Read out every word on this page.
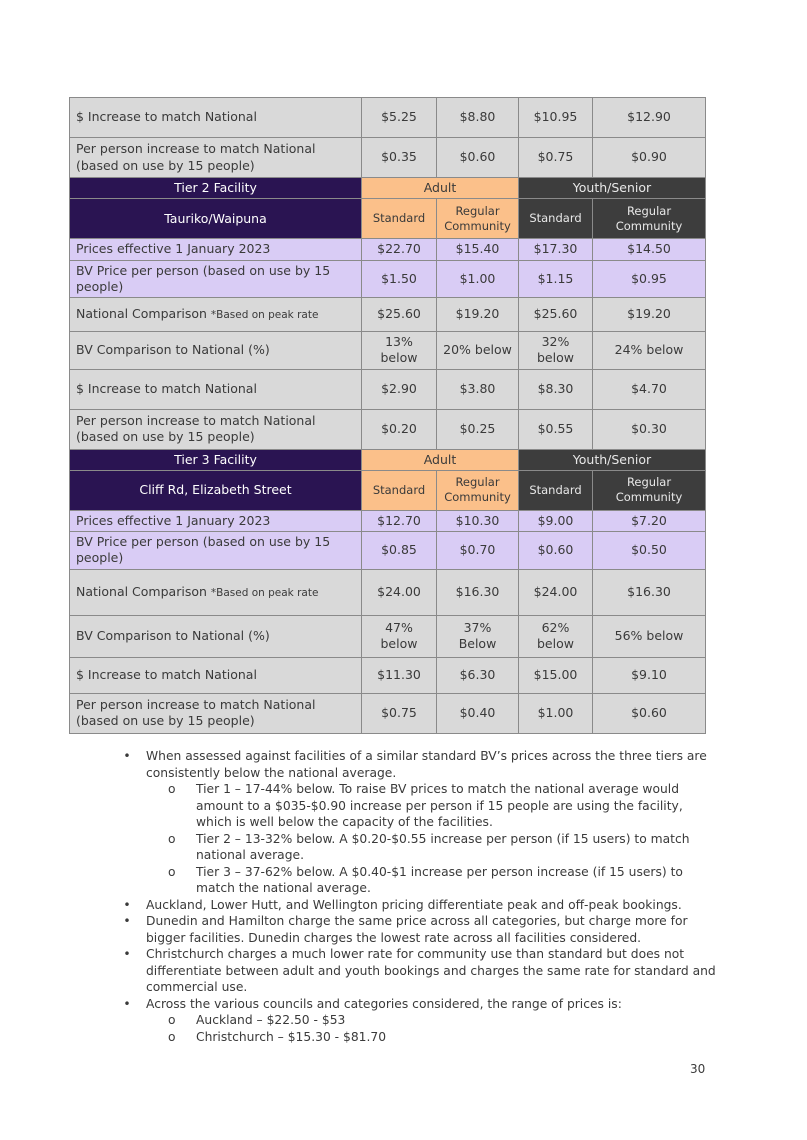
$ Increase to match National	$5.25	$8.80	$10.95	$12.90
Per person increase to match National (based on use by 15 people)	$0.35	$0.60	$0.75	$0.90
Tier 2 Facility	Adult		Youth/Senior	
Tauriko/Waipuna	Standard	Regular Community	Standard	Regular Community
Prices effective 1 January 2023	$22.70	$15.40	$17.30	$14.50
BV Price per person (based on use by 15 people)	$1.50	$1.00	$1.15	$0.95
National Comparison *Based on peak rate	$25.60	$19.20	$25.60	$19.20
BV Comparison to National (%)	13% below	20% below	32% below	24% below
$ Increase to match National	$2.90	$3.80	$8.30	$4.70
Per person increase to match National (based on use by 15 people)	$0.20	$0.25	$0.55	$0.30
Tier 3 Facility	Adult		Youth/Senior	
Cliff Rd, Elizabeth Street	Standard	Regular Community	Standard	Regular Community
Prices effective 1 January 2023	$12.70	$10.30	$9.00	$7.20
BV Price per person (based on use by 15 people)	$0.85	$0.70	$0.60	$0.50
National Comparison *Based on peak rate	$24.00	$16.30	$24.00	$16.30
BV Comparison to National (%)	47% below	37% Below	62% below	56% below
$ Increase to match National	$11.30	$6.30	$15.00	$9.10
Per person increase to match National (based on use by 15 people)	$0.75	$0.40	$1.00	$0.60

• When assessed against facilities of a similar standard BV’s prices across the three tiers are consistently below the national average.

o Tier 1 – 17-44% below. To raise BV prices to match the national average would amount to a $035-$0.90 increase per person if 15 people are using the facility, which is well below the capacity of the facilities.

o Tier 2 – 13-32% below. A $0.20-$0.55 increase per person (if 15 users) to match national average.

o Tier 3 – 37-62% below. A $0.40-$1 increase per person increase (if 15 users) to match the national average.

• Auckland, Lower Hutt, and Wellington pricing differentiate peak and off-peak bookings.

• Dunedin and Hamilton charge the same price across all categories, but charge more for bigger facilities. Dunedin charges the lowest rate across all facilities considered.

• Christchurch charges a much lower rate for community use than standard but does not differentiate between adult and youth bookings and charges the same rate for standard and commercial use.

• Across the various councils and categories considered, the range of prices is:

o Auckland – $22.50 - $53

o Christchurch – $15.30 - $81.70

30
